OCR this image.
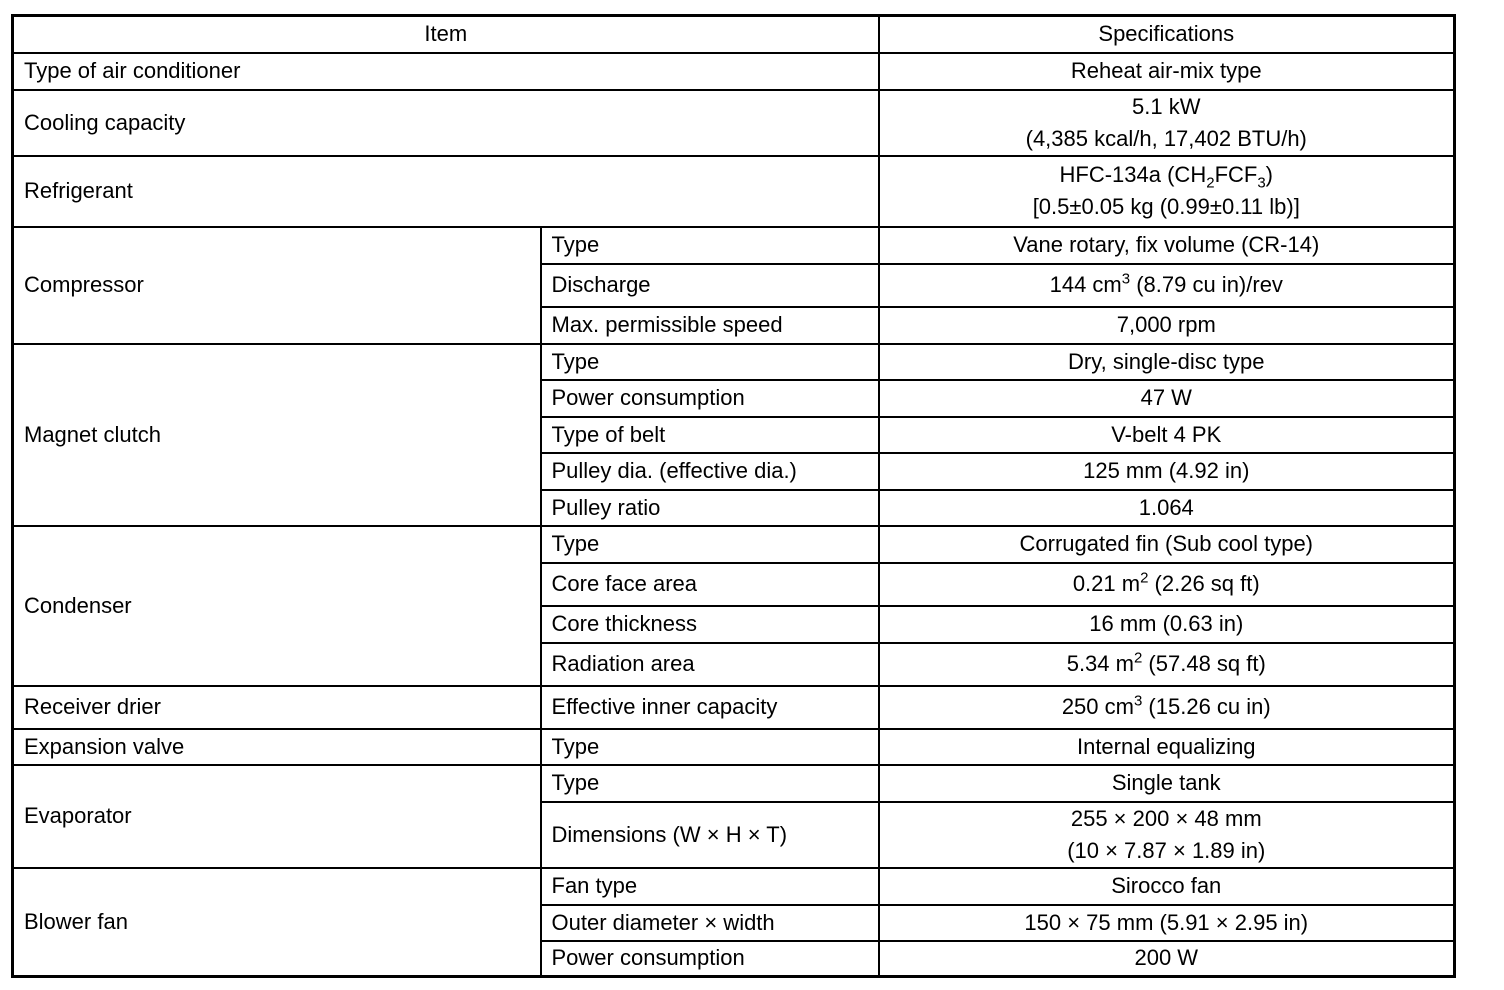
Item		Specifications
Type of air conditioner		Reheat air-mix type
Cooling capacity		5.1 kW
(4,385 kcal/h, 17,402 BTU/h)

Refrigerant		HFC-134a $(CH_2FCF_3)$
[0.5±0.05 kg (0.99±0.11 lb)]

Compressor	Type	Vane rotary, fix volume (CR-14)
	Discharge	144 $cm^3$ (8.79 cu in)/rev
	Max. permissible speed	7,000 rpm
Magnet clutch	Type	Dry, single-disc type
	Power consumption	47 W
	Type of belt	V-belt 4 PK
	Pulley dia. (effective dia.)	125 mm (4.92 in)
	Pulley ratio	1.064
Condenser	Type	Corrugated fin (Sub cool type)
	Core face area	0.21 $m^2$ (2.26 sq ft)
	Core thickness	16 mm (0.63 in)
	Radiation area	5.34 $m^2$ (57.48 sq ft)
Receiver drier	Effective inner capacity	250 $cm^3$ (15.26 cu in)
Expansion valve	Type	Internal equalizing
Evaporator	Type	Single tank
	Dimensions (W × H × T)	255 × 200 × 48 mm
(10 × 7.87 × 1.89 in)

Blower fan	Fan type	Sirocco fan
	Outer diameter × width	150 × 75 mm (5.91 × 2.95 in)
	Power consumption	200 W
